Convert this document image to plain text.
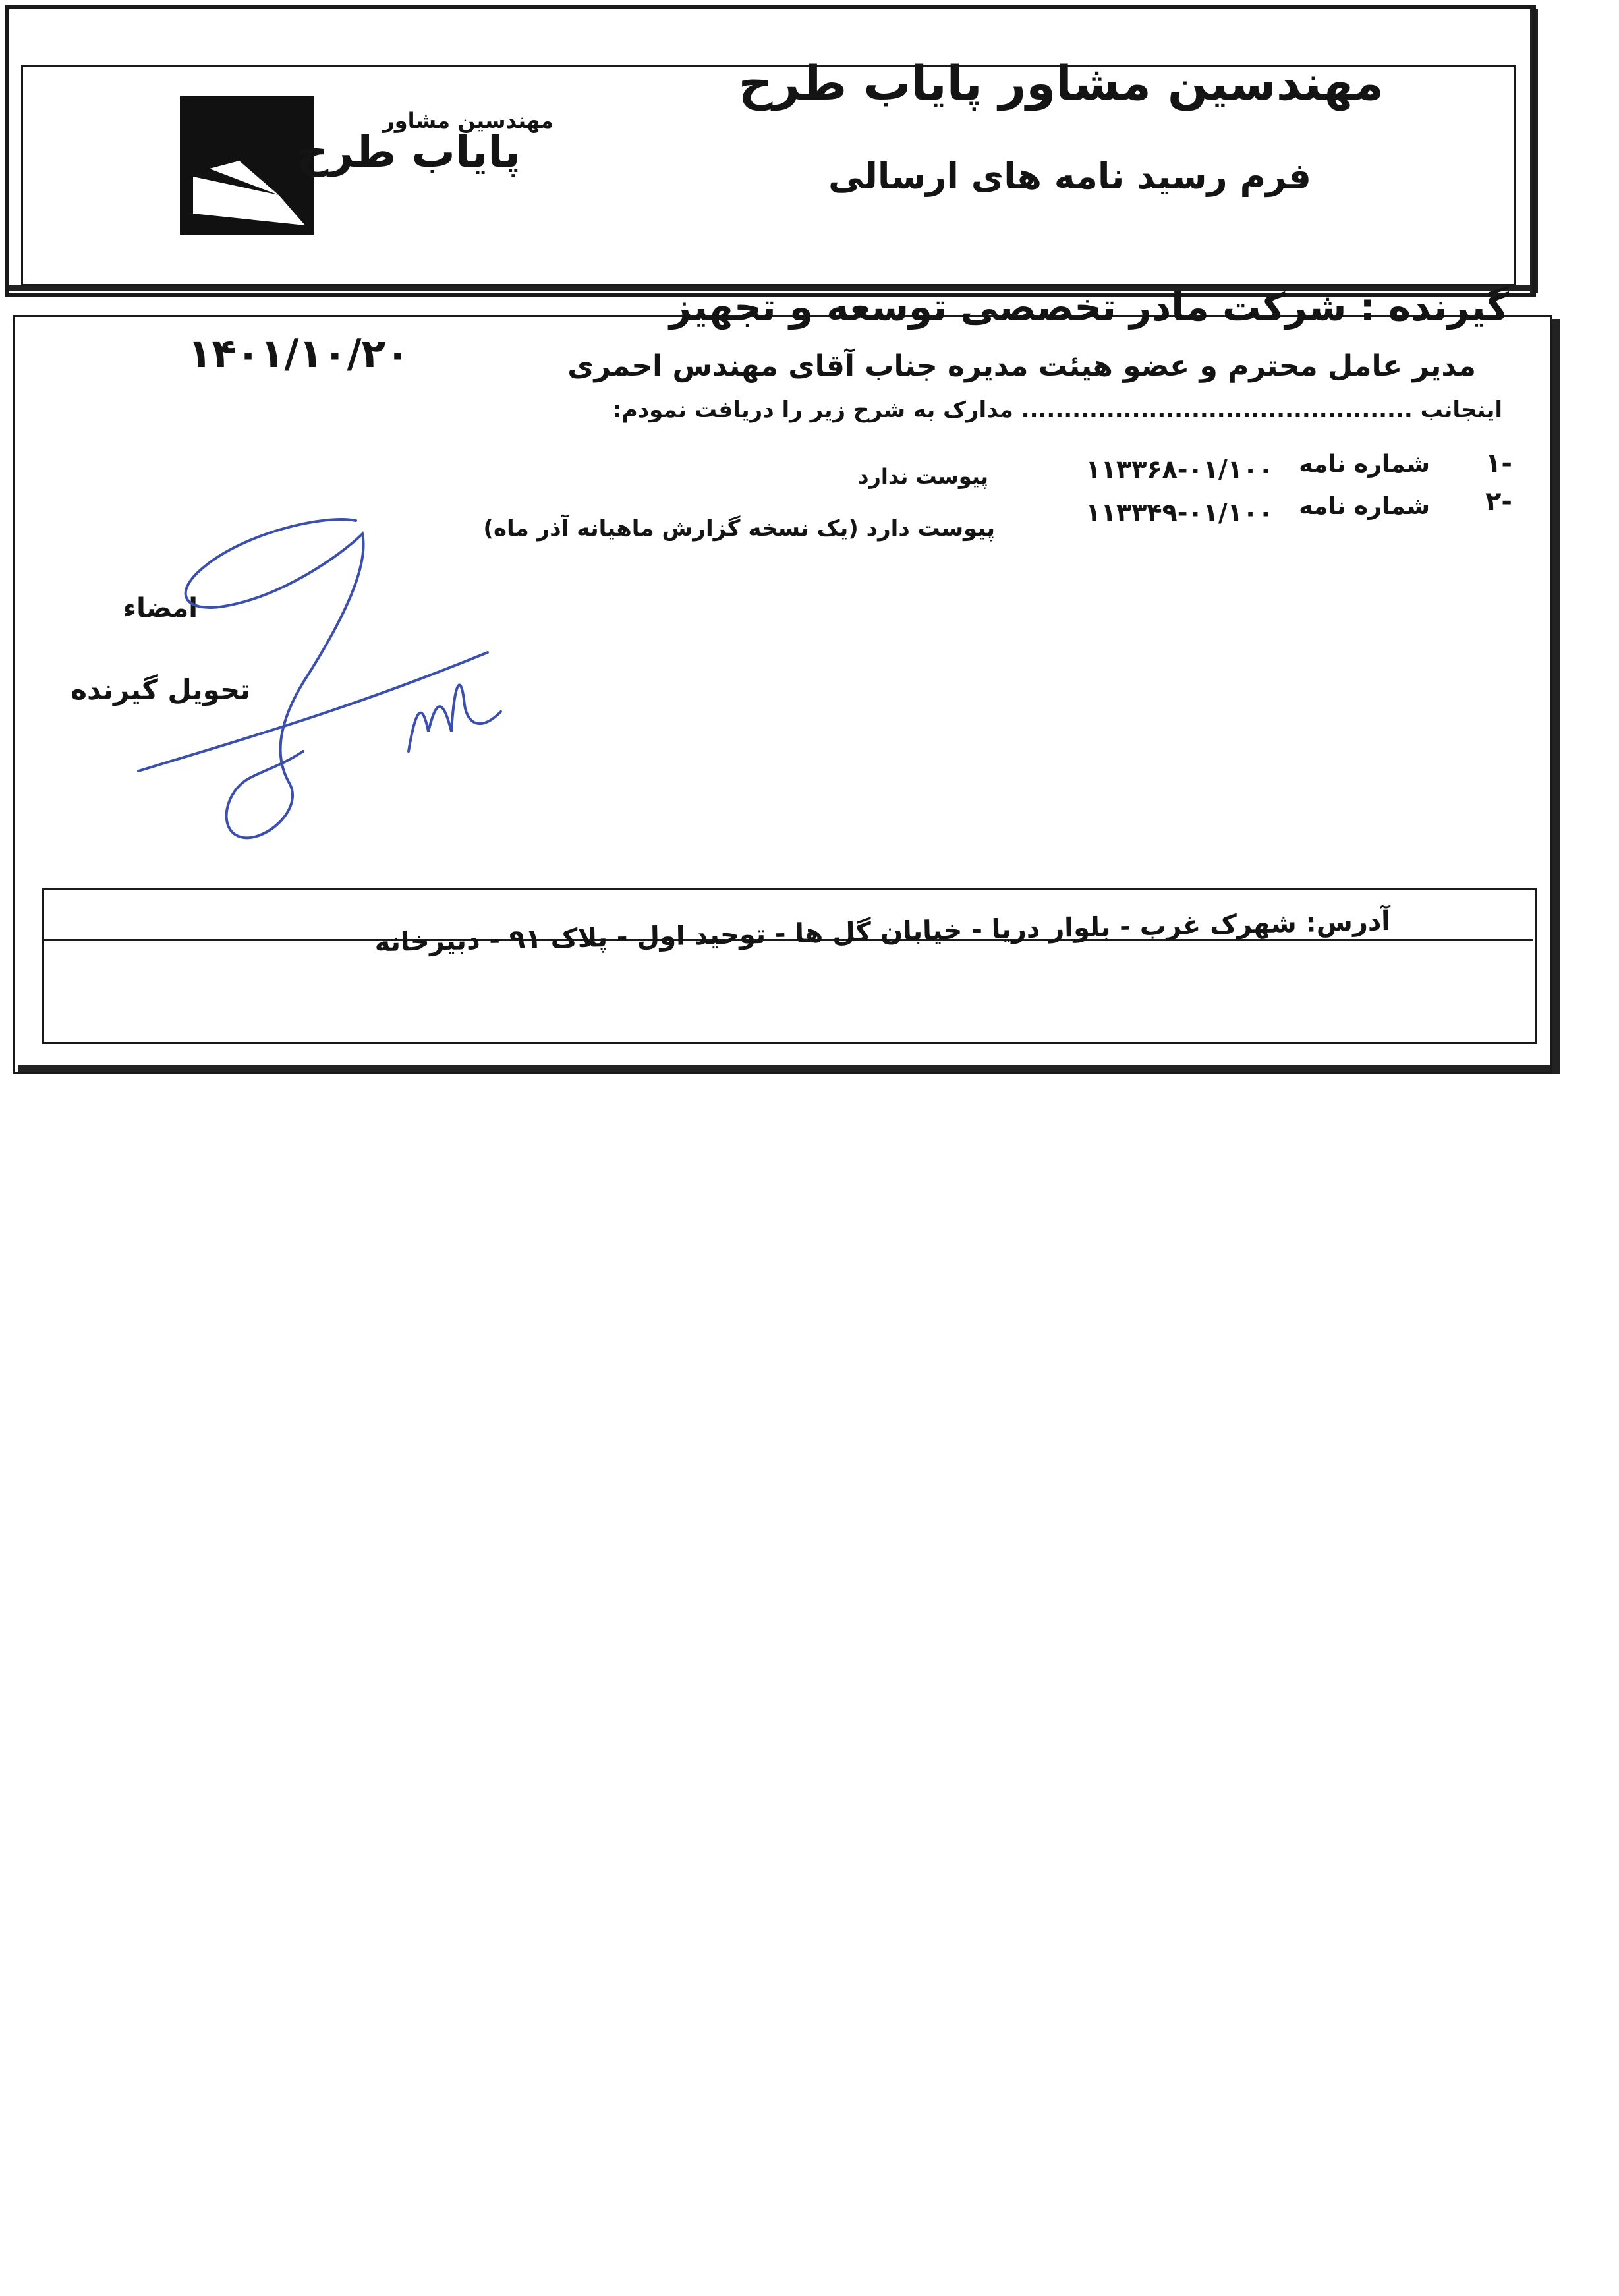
مهندسین مشاور پایاب طرح
فرم رسید نامه های ارسالی
مهندسین مشاور
پایاب طرح
گیرنده : شرکت مادر تخصصی توسعه و تجهیز
مدیر عامل محترم و عضو هیئت مدیره جناب آقای مهندس احمری
اینجانب .............................................. مدارک به شرح زیر را دریافت نمودم:
۱۴۰۱/۱۰/۲۰
۱-
شماره نامه
۱۱۳۳۶۸-۰۱/۱۰۰
پیوست ندارد
۲-
شماره نامه
۱۱۳۳۴۹-۰۱/۱۰۰
پیوست دارد (یک نسخه گزارش ماهیانه آذر ماه)
امضاء
تحویل گیرنده
آدرس: شهرک غرب - بلوار دریا - خیابان گل ها - توحید اول - پلاک ۹۱ - دبیرخانه
